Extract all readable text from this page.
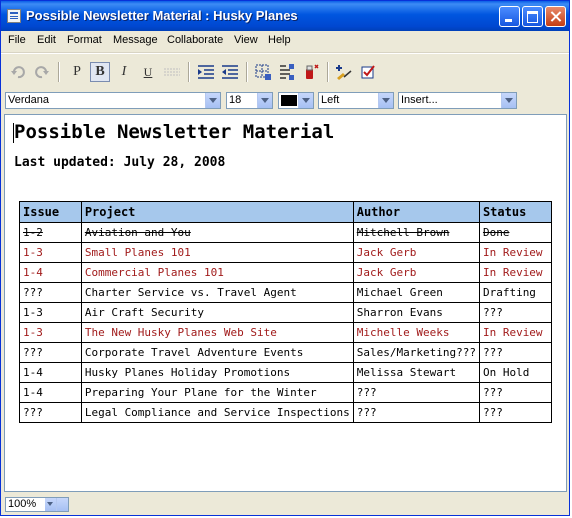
Possible Newsletter Material : Husky Planes
File Edit Format Message Collaborate View Help
P	B	I	U
Verdana	18	Left	Insert...
Possible Newsletter Material
Last updated: July 28, 2008
Issue	Project	Author	Status
1-2	Aviation and You	Mitchell Brown	Done
1-3	Small Planes 101	Jack Gerb	In Review
1-4	Commercial Planes 101	Jack Gerb	In Review
???	Charter Service vs. Travel Agent	Michael Green	Drafting
1-3	Air Craft Security	Sharron Evans	???
1-3	The New Husky Planes Web Site	Michelle Weeks	In Review
???	Corporate Travel Adventure Events	Sales/Marketing???	???
1-4	Husky Planes Holiday Promotions	Melissa Stewart	On Hold
1-4	Preparing Your Plane for the Winter	???	???
???	Legal Compliance and Service Inspections	???	???
100%
